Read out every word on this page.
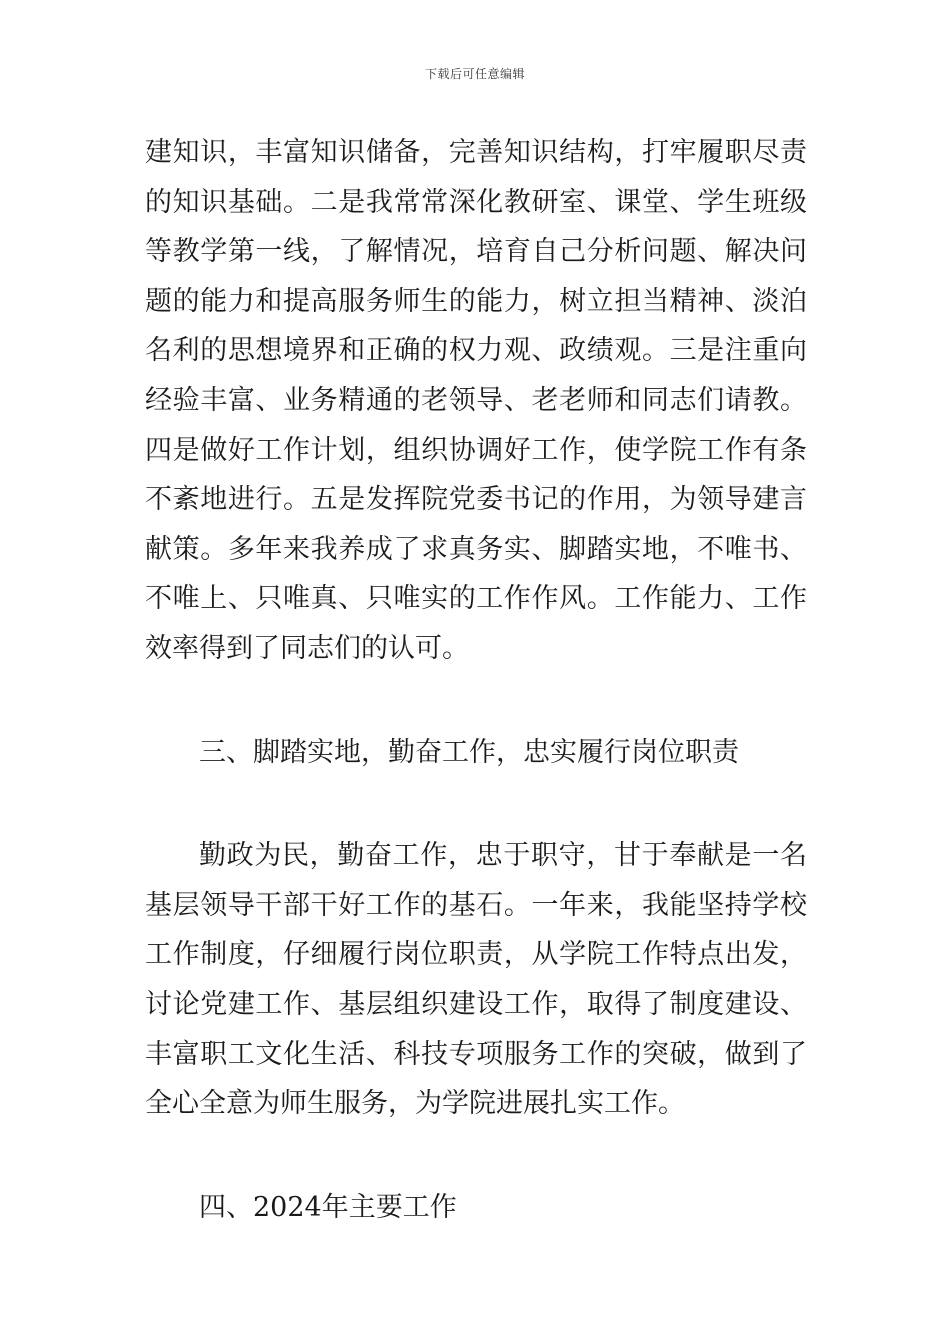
下载后可任意编辑

建知识，丰富知识储备，完善知识结构，打牢履职尽责的知识基础。二是我常常深化教研室、课堂、学生班级等教学第一线，了解情况，培育自己分析问题、解决问题的能力和提高服务师生的能力，树立担当精神、淡泊名利的思想境界和正确的权力观、政绩观。三是注重向经验丰富、业务精通的老领导、老老师和同志们请教。四是做好工作计划，组织协调好工作，使学院工作有条不紊地进行。五是发挥院党委书记的作用，为领导建言献策。多年来我养成了求真务实、脚踏实地，不唯书、不唯上、只唯真、只唯实的工作作风。工作能力、工作效率得到了同志们的认可。

三、脚踏实地，勤奋工作，忠实履行岗位职责

勤政为民，勤奋工作，忠于职守，甘于奉献是一名基层领导干部干好工作的基石。一年来，我能坚持学校工作制度，仔细履行岗位职责，从学院工作特点出发，讨论党建工作、基层组织建设工作，取得了制度建设、丰富职工文化生活、科技专项服务工作的突破，做到了全心全意为师生服务，为学院进展扎实工作。

四、2024年主要工作
